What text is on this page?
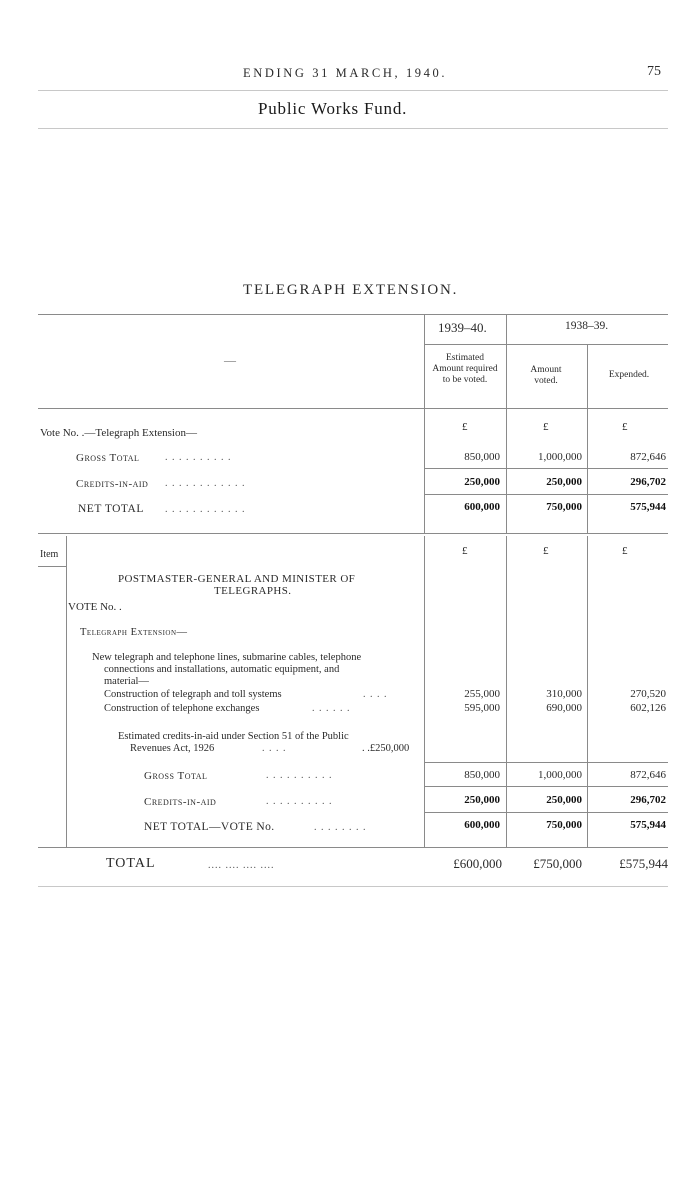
ENDING 31 MARCH, 1940.	75
Public Works Fund.
TELEGRAPH EXTENSION.
—
1939–40.	1938–39.
Estimated Amount required to be voted.
Amount voted.
Expended.
Vote No. .—Telegraph Extension—	£	£	£
Gross Total	. . . . . . . . . .	850,000	1,000,000	872,646
Credits-in-aid . . . . . . . . . . . .	250,000	250,000	296,702
NET TOTAL . . . . . . . . . . . .	600,000	750,000	575,944
Item	£	£	£
POSTMASTER-GENERAL AND MINISTER OF
TELEGRAPHS.
VOTE No. .
Telegraph Extension—
New telegraph and telephone lines, submarine cables, telephone
connections and installations, automatic equipment, and
material—
Construction of telegraph and toll systems	. . . .	255,000	310,000	270,520
Construction of telephone exchanges	. . . . . .	595,000	690,000	602,126
Estimated credits-in-aid under Section 51 of the Public
Revenues Act, 1926	. . . .	. .£250,000
Gross Total	. . . . . . . . . .	850,000	1,000,000	872,646
Credits-in-aid	. . . . . . . . . .	250,000	250,000	296,702
NET TOTAL—VOTE No.	. . . . . . . .	600,000	750,000	575,944
TOTAL	.... .... .... ....	£600,000	£750,000	£575,944
